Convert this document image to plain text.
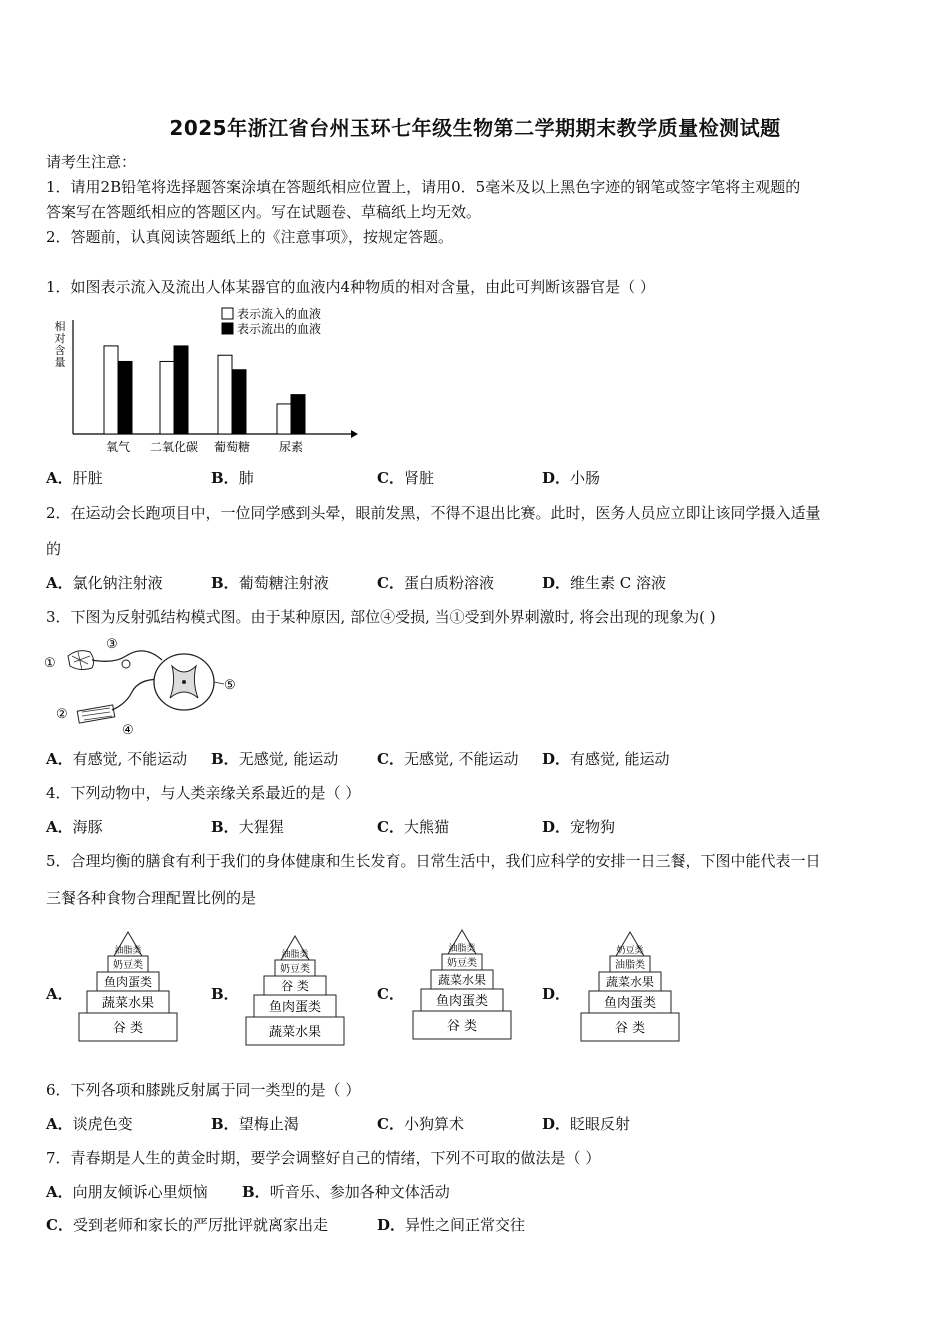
2025年浙江省台州玉环七年级生物第二学期期末教学质量检测试题
请考生注意：
1．请用2B铅笔将选择题答案涂填在答题纸相应位置上，请用0．5毫米及以上黑色字迹的钢笔或签字笔将主观题的
答案写在答题纸相应的答题区内。写在试题卷、草稿纸上均无效。
2．答题前，认真阅读答题纸上的《注意事项》，按规定答题。
1．如图表示流入及流出人体某器官的血液内4种物质的相对含量，由此可判断该器官是（ ）
相对含量
氧气 二氧化碳 葡萄糖 尿素
表示流入的血液
表示流出的血液
A．肝脏	B．肺	C．肾脏	D．小肠
2．在运动会长跑项目中，一位同学感到头晕，眼前发黑，不得不退出比赛。此时，医务人员应立即让该同学摄入适量
的
A．氯化钠注射液	B．葡萄糖注射液	C．蛋白质粉溶液	D．维生素 C 溶液
3．下图为反射弧结构模式图。由于某种原因, 部位④受损, 当①受到外界刺激时, 将会出现的现象为( )
①
②
③
④
⑤
A．有感觉, 不能运动 B．无感觉, 能运动	C．无感觉, 不能运动 D．有感觉, 能运动
4．下列动物中，与人类亲缘关系最近的是（ ）
A．海豚	B．大猩猩	C．大熊猫	D．宠物狗
5．合理均衡的膳食有利于我们的身体健康和生长发育。日常生活中，我们应科学的安排一日三餐，下图中能代表一日
三餐各种食物合理配置比例的是
A．	B．	C．	D．
油脂类
奶豆类
鱼肉蛋类
蔬菜水果
谷 类
油脂类
奶豆类
谷 类
鱼肉蛋类
蔬菜水果
油脂类
奶豆类
蔬菜水果
鱼肉蛋类
谷 类
奶豆类
油脂类
蔬菜水果
鱼肉蛋类
谷 类
6．下列各项和膝跳反射属于同一类型的是（ ）
A．谈虎色变	B．望梅止渴	C．小狗算术	D．眨眼反射
7．青春期是人生的黄金时期，要学会调整好自己的情绪，下列不可取的做法是（ ）
A．向朋友倾诉心里烦恼 B．听音乐、参加各种文体活动
C．受到老师和家长的严厉批评就离家出走	D．异性之间正常交往
